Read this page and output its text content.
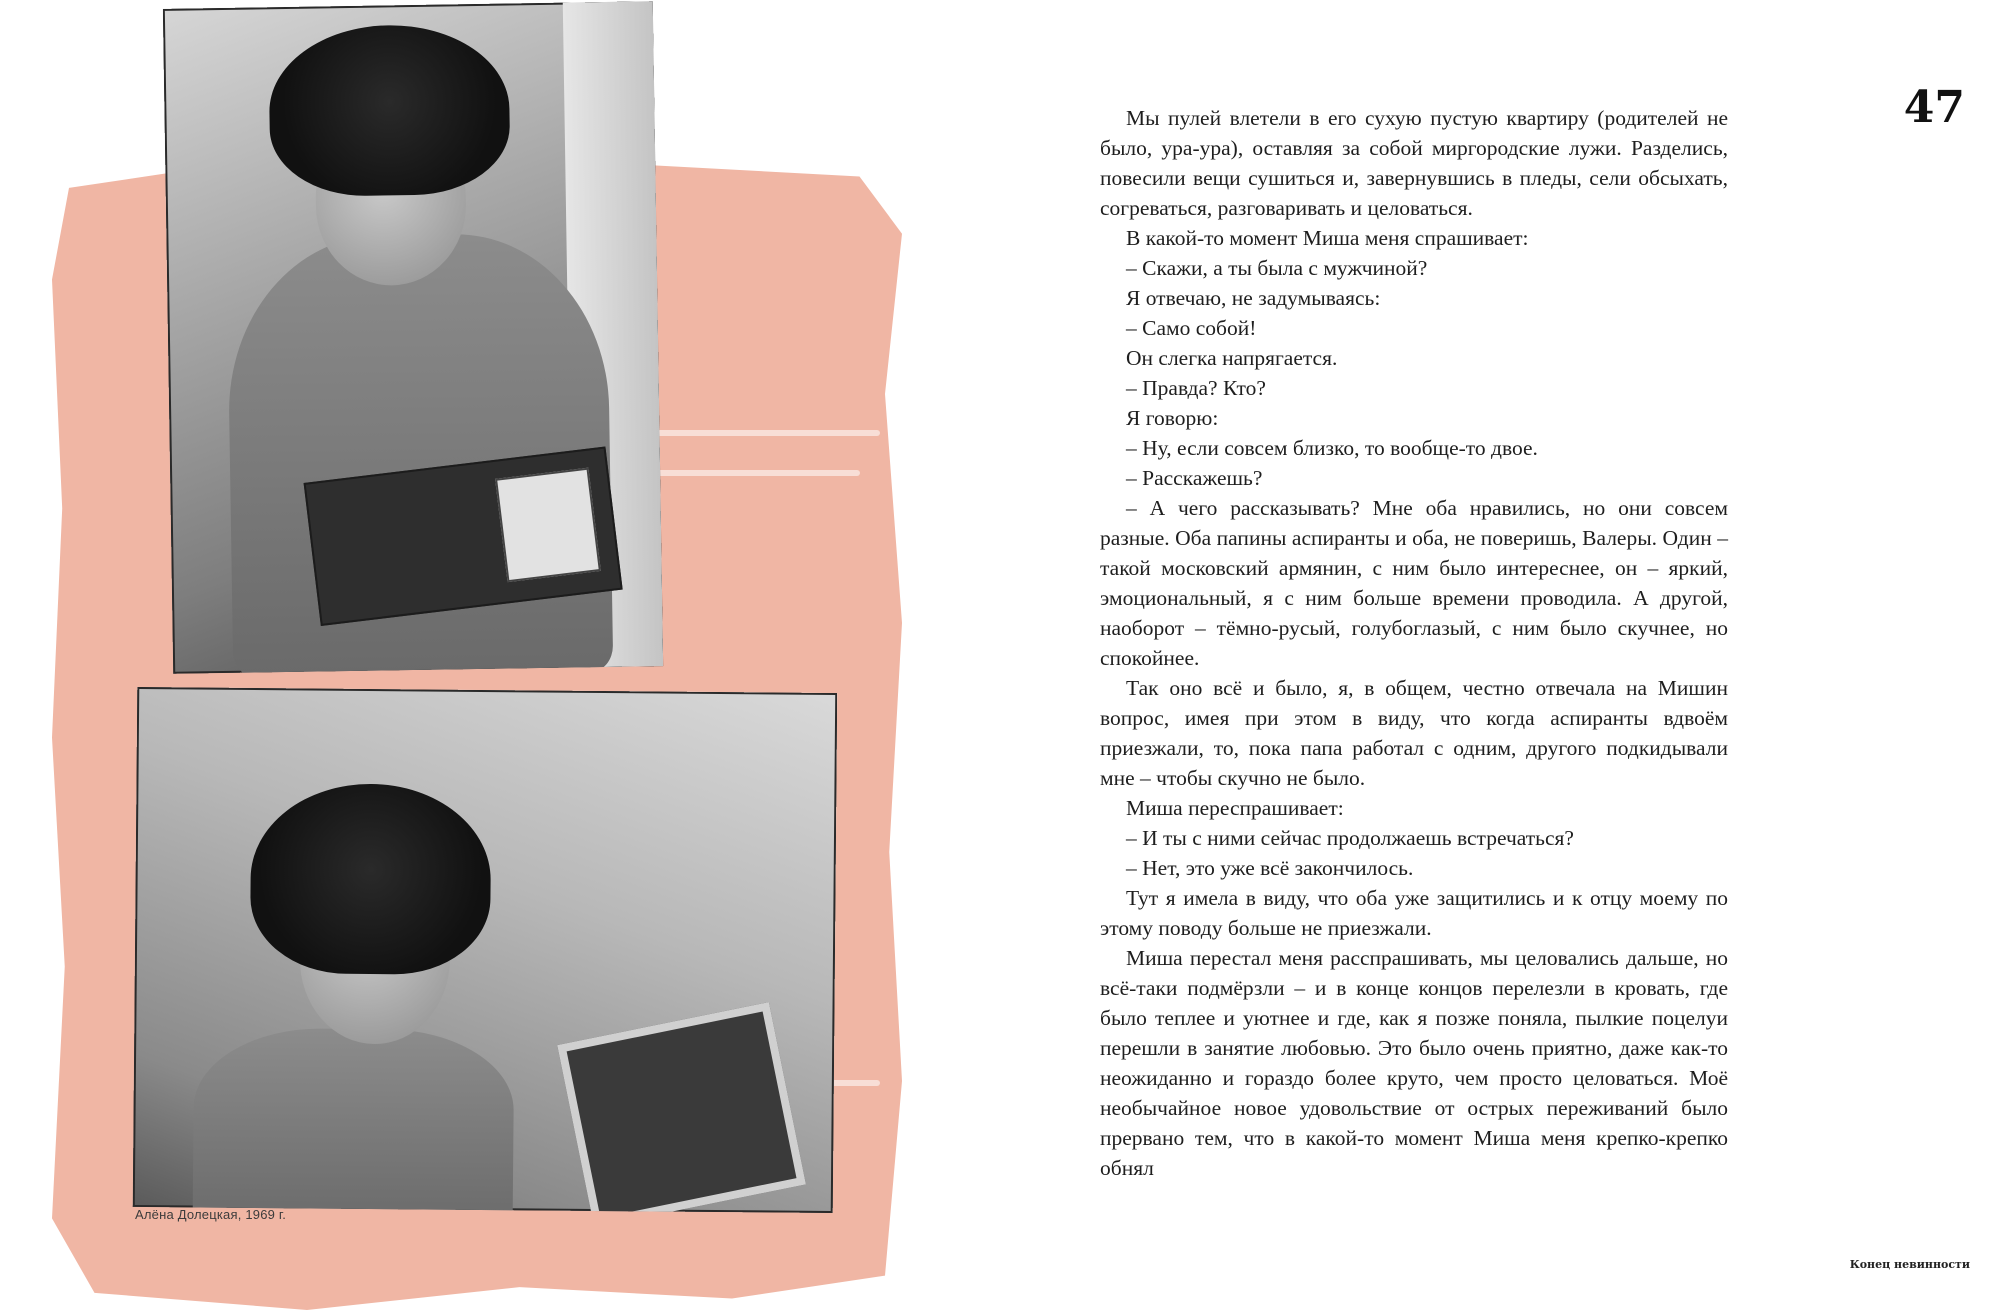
Алёна Долецкая, 1969 г.
47

Мы пулей влетели в его сухую пустую квартиру (родителей не было, ура-ура), оставляя за собой миргородские лужи. Разделись, повесили вещи сушиться и, завернувшись в пледы, сели обсыхать, согреваться, разговаривать и целоваться.

В какой-то момент Миша меня спрашивает:

– Скажи, а ты была с мужчиной?

Я отвечаю, не задумываясь:

– Само собой!

Он слегка напрягается.

– Правда? Кто?

Я говорю:

– Ну, если совсем близко, то вообще-то двое.

– Расскажешь?

– А чего рассказывать? Мне оба нравились, но они совсем разные. Оба папины аспиранты и оба, не поверишь, Валеры. Один – такой московский армянин, с ним было интереснее, он – яркий, эмоциональный, я с ним больше времени проводила. А другой, наоборот – тёмно-русый, голубоглазый, с ним было скучнее, но спокойнее.

Так оно всё и было, я, в общем, честно отвечала на Мишин вопрос, имея при этом в виду, что когда аспиранты вдвоём приезжали, то, пока папа работал с одним, другого подкидывали мне – чтобы скучно не было.

Миша переспрашивает:

– И ты с ними сейчас продолжаешь встречаться?

– Нет, это уже всё закончилось.

Тут я имела в виду, что оба уже защитились и к отцу моему по этому поводу больше не приезжали.

Миша перестал меня расспрашивать, мы целовались дальше, но всё-таки подмёрзли – и в конце концов перелезли в кровать, где было теплее и уютнее и где, как я позже поняла, пылкие поцелуи перешли в занятие любовью. Это было очень приятно, даже как-то неожиданно и гораздо более круто, чем просто целоваться. Моё необычайное новое удовольствие от острых переживаний было прервано тем, что в какой-то момент Миша меня крепко-крепко обнял

Конец невинности
